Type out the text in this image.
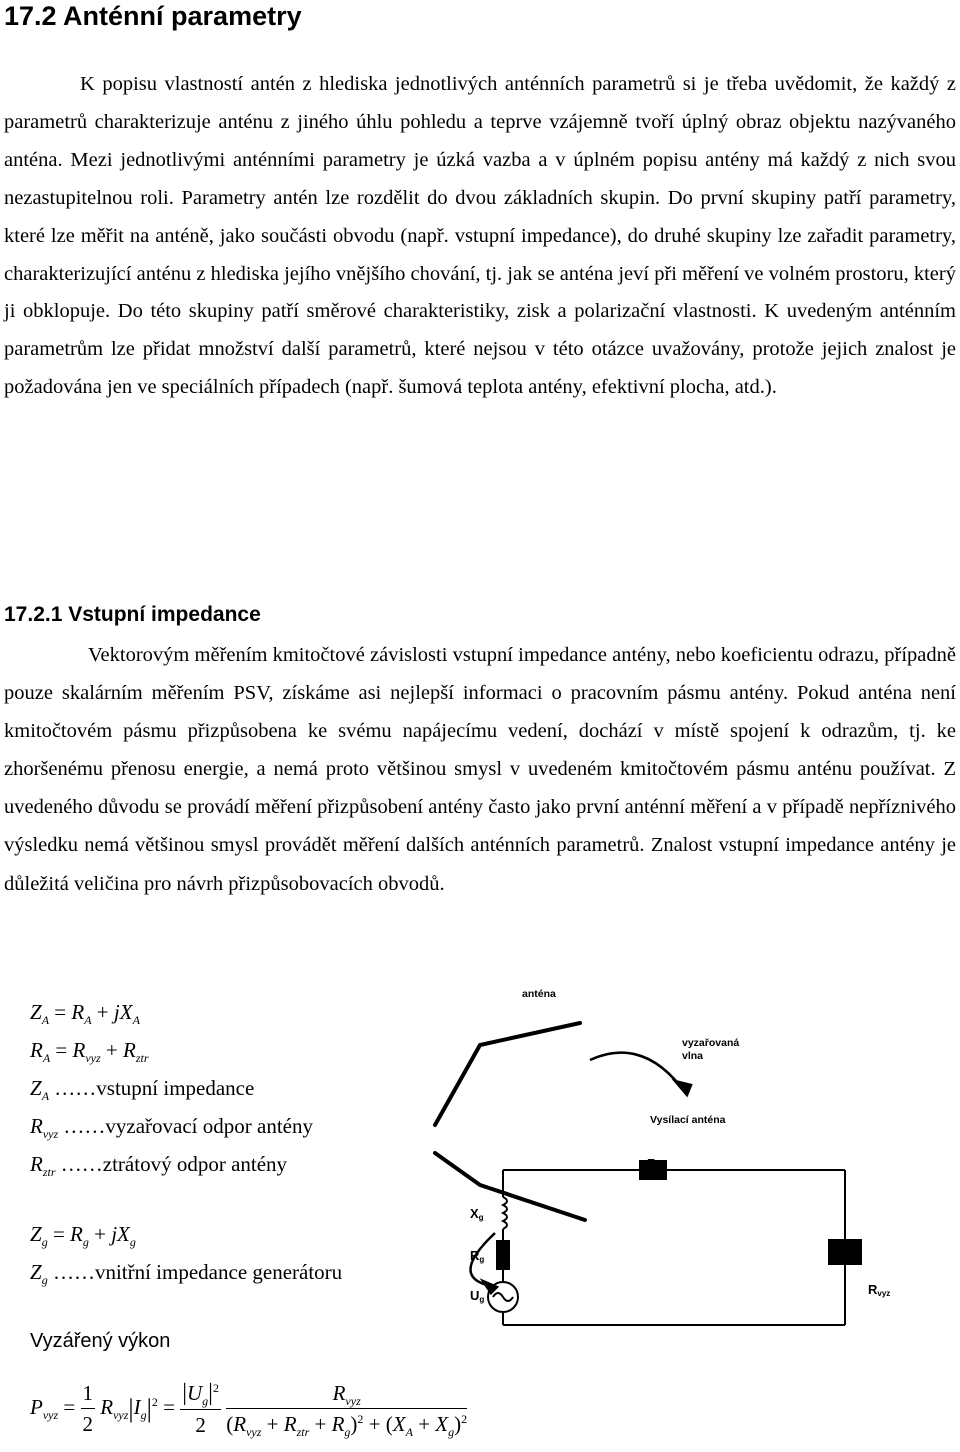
17.2 Anténní parametry

K popisu vlastností antén z hlediska jednotlivých anténních parametrů si je třeba uvědomit, že každý z parametrů charakterizuje anténu z jiného úhlu pohledu a teprve vzájemně tvoří úplný obraz objektu nazývaného anténa. Mezi jednotlivými anténními parametry je úzká vazba a v úplném popisu antény má každý z nich svou nezastupitelnou roli. Parametry antén lze rozdělit do dvou základních skupin. Do první skupiny patří parametry, které lze měřit na anténě, jako součásti obvodu (např. vstupní impedance), do druhé skupiny lze zařadit parametry, charakterizující anténu z hlediska jejího vnějšího chování, tj. jak se anténa jeví při měření ve volném prostoru, který ji obklopuje. Do této skupiny patří směrové charakteristiky, zisk a polarizační vlastnosti. K uvedeným anténním parametrům lze přidat množství další parametrů, které nejsou v této otázce uvažovány, protože jejich znalost je požadována jen ve speciálních případech (např. šumová teplota antény, efektivní plocha, atd.).

17.2.1 Vstupní impedance

Vektorovým měřením kmitočtové závislosti vstupní impedance antény, nebo koeficientu odrazu, případně pouze skalárním měřením PSV, získáme asi nejlepší informaci o pracovním pásmu antény. Pokud anténa není kmitočtovém pásmu přizpůsobena ke svému napájecímu vedení, dochází v místě spojení k odrazům, tj. ke zhoršenému přenosu energie, a nemá proto většinou smysl v uvedeném kmitočtovém pásmu anténu používat. Z uvedeného důvodu se provádí měření přizpůsobení antény často jako první anténní měření a v případě nepříznivého výsledku nemá většinou smysl provádět měření dalších anténních parametrů. Znalost vstupní impedance antény je důležitá veličina pro návrh přizpůsobovacích obvodů.

$Z_A = R_A + jX_A$
$R_A = R_{vyz} + R_{ztr}$
$Z_A$ ……vstupní impedance
$R_{vyz}$ ……vyzařovací odpor antény
$R_{ztr}$ ……ztrátový odpor antény
$Z_g = R_g + jX_g$
$Z_g$ ……vnitřní impedance generátoru
Vyzářený výkon
$P_{vyz} = \frac{1}{2} R_{vyz}|I_g|^2 = \frac{|U_g|^2}{2}$
$\frac{R_{vyz}}{(R_{vyz} + R_{ztr} + R_g)^2 + (X_A + X_g)^2}$
anténa
vyzařovaná
vlna
Vysílací anténa
$R_{ztr}$
$X_g$
$R_g$
$U_g$
$R_{vyz}$
